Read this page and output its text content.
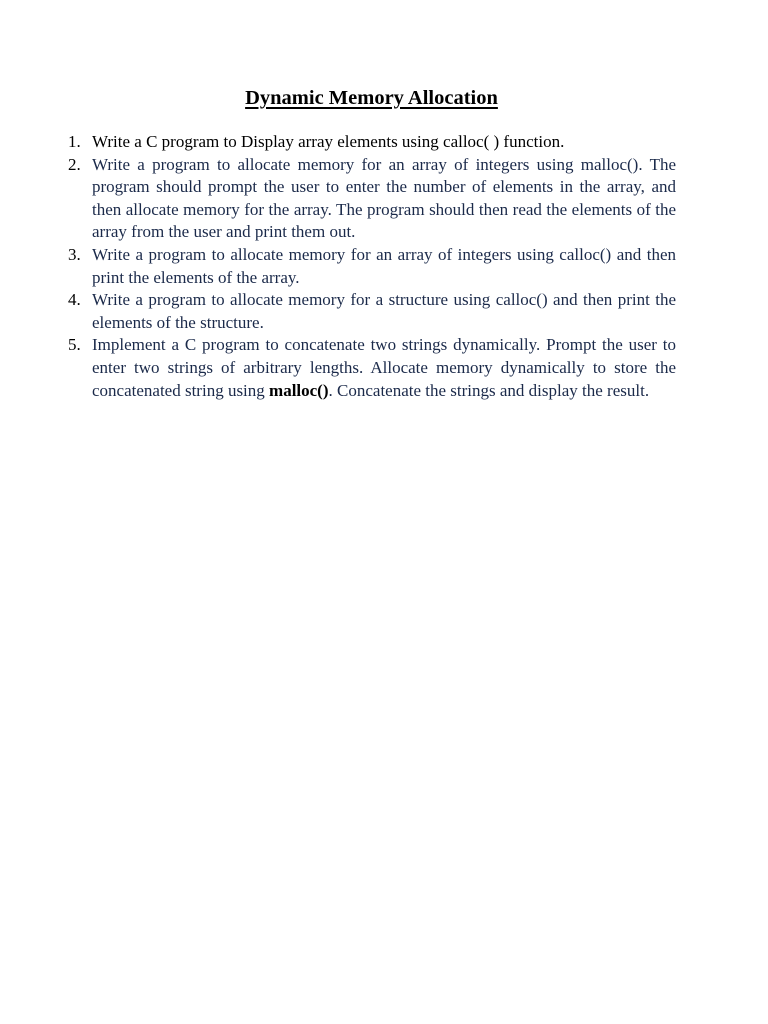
Dynamic Memory Allocation
1. Write a C program to Display array elements using calloc( ) function.
2. Write a program to allocate memory for an array of integers using malloc(). The program should prompt the user to enter the number of elements in the array, and then allocate memory for the array. The program should then read the elements of the array from the user and print them out.
3. Write a program to allocate memory for an array of integers using calloc() and then print the elements of the array.
4. Write a program to allocate memory for a structure using calloc() and then print the elements of the structure.
5. Implement a C program to concatenate two strings dynamically. Prompt the user to enter two strings of arbitrary lengths. Allocate memory dynamically to store the concatenated string using malloc(). Concatenate the strings and display the result.
